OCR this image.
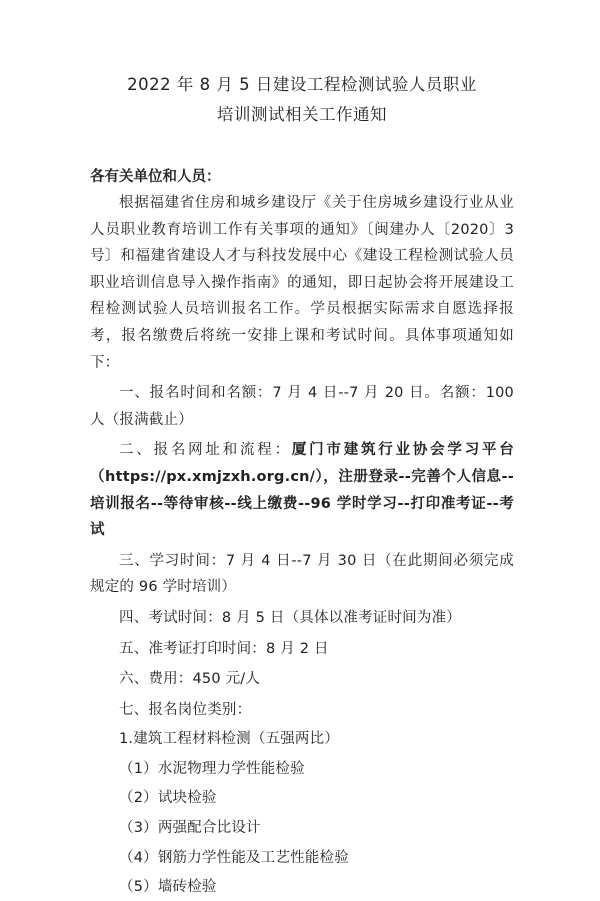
2022 年 8 月 5 日建设工程检测试验人员职业

培训测试相关工作通知

各有关单位和人员：

根据福建省住房和城乡建设厅《关于住房城乡建设行业从业人员职业教育培训工作有关事项的通知》〔闽建办人〔2020〕3 号〕和福建省建设人才与科技发展中心《建设工程检测试验人员职业培训信息导入操作指南》的通知，即日起协会将开展建设工程检测试验人员培训报名工作。学员根据实际需求自愿选择报考，报名缴费后将统一安排上课和考试时间。具体事项通知如下：

一、报名时间和名额：7 月 4 日--7 月 20 日。名额：100 人（报满截止）

二、报名网址和流程：厦门市建筑行业协会学习平台（https://px.xmjzxh.org.cn/），注册登录--完善个人信息--培训报名--等待审核--线上缴费--96 学时学习--打印准考证--考试

三、学习时间：7 月 4 日--7 月 30 日（在此期间必须完成规定的 96 学时培训）

四、考试时间：8 月 5 日（具体以准考证时间为准）

五、准考证打印时间：8 月 2 日

六、费用：450 元/人

七、报名岗位类别：

1.建筑工程材料检测（五强两比）

（1）水泥物理力学性能检验

（2）试块检验

（3）两强配合比设计

（4）钢筋力学性能及工艺性能检验

（5）墙砖检验
